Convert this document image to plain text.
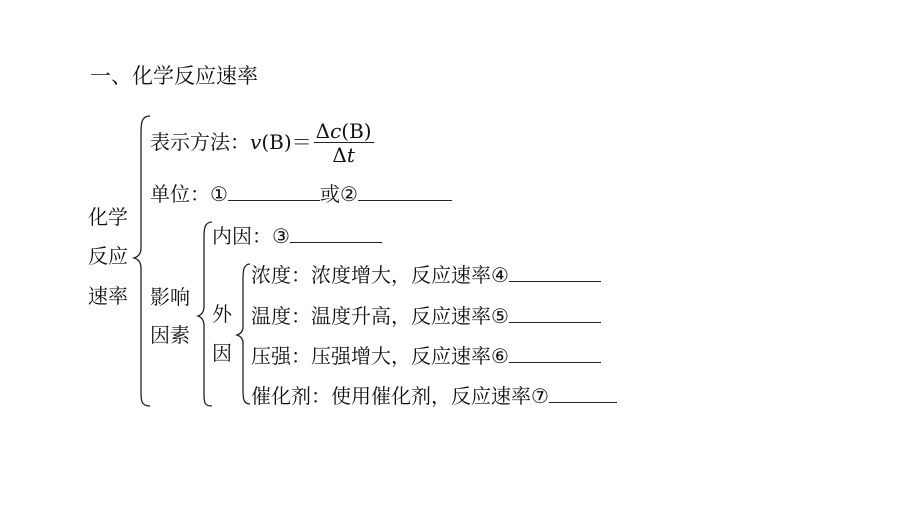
一、化学反应速率
化学
反应
速率
表示方法：$v(B)= \frac{\Delta c(B)}{\Delta t}$
单位：①	或②
影响
因素
内因：③
外
因
浓度：浓度增大，反应速率④
温度：温度升高，反应速率⑤
压强：压强增大，反应速率⑥
催化剂：使用催化剂，反应速率⑦
